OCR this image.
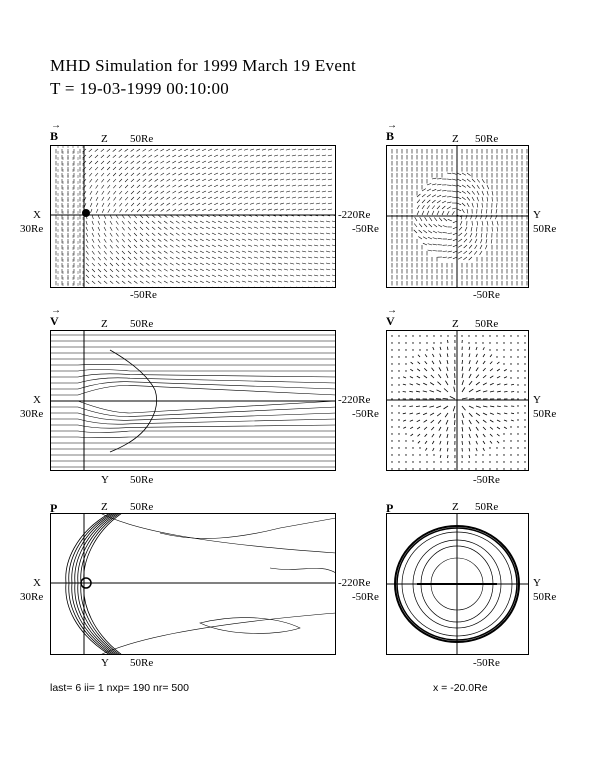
MHD Simulation for 1999 March 19 Event
T = 19-03-1999 00:10:00
B
→
Z 50Re
X
30Re
-220Re
-50Re
B
→
Z 50Re
-50Re
Y
50Re
-50Re
V
→
Z 50Re
X
30Re
-220Re
Y 50Re
V
→
Z 50Re
-50Re
Y
50Re
-50Re
P	Z 50Re
X
30Re
-220Re
Y 50Re
P	Z 50Re
-50Re
Y
50Re
-50Re
last= 6 ii= 1 nxp= 190 nr= 500	x = -20.0Re
